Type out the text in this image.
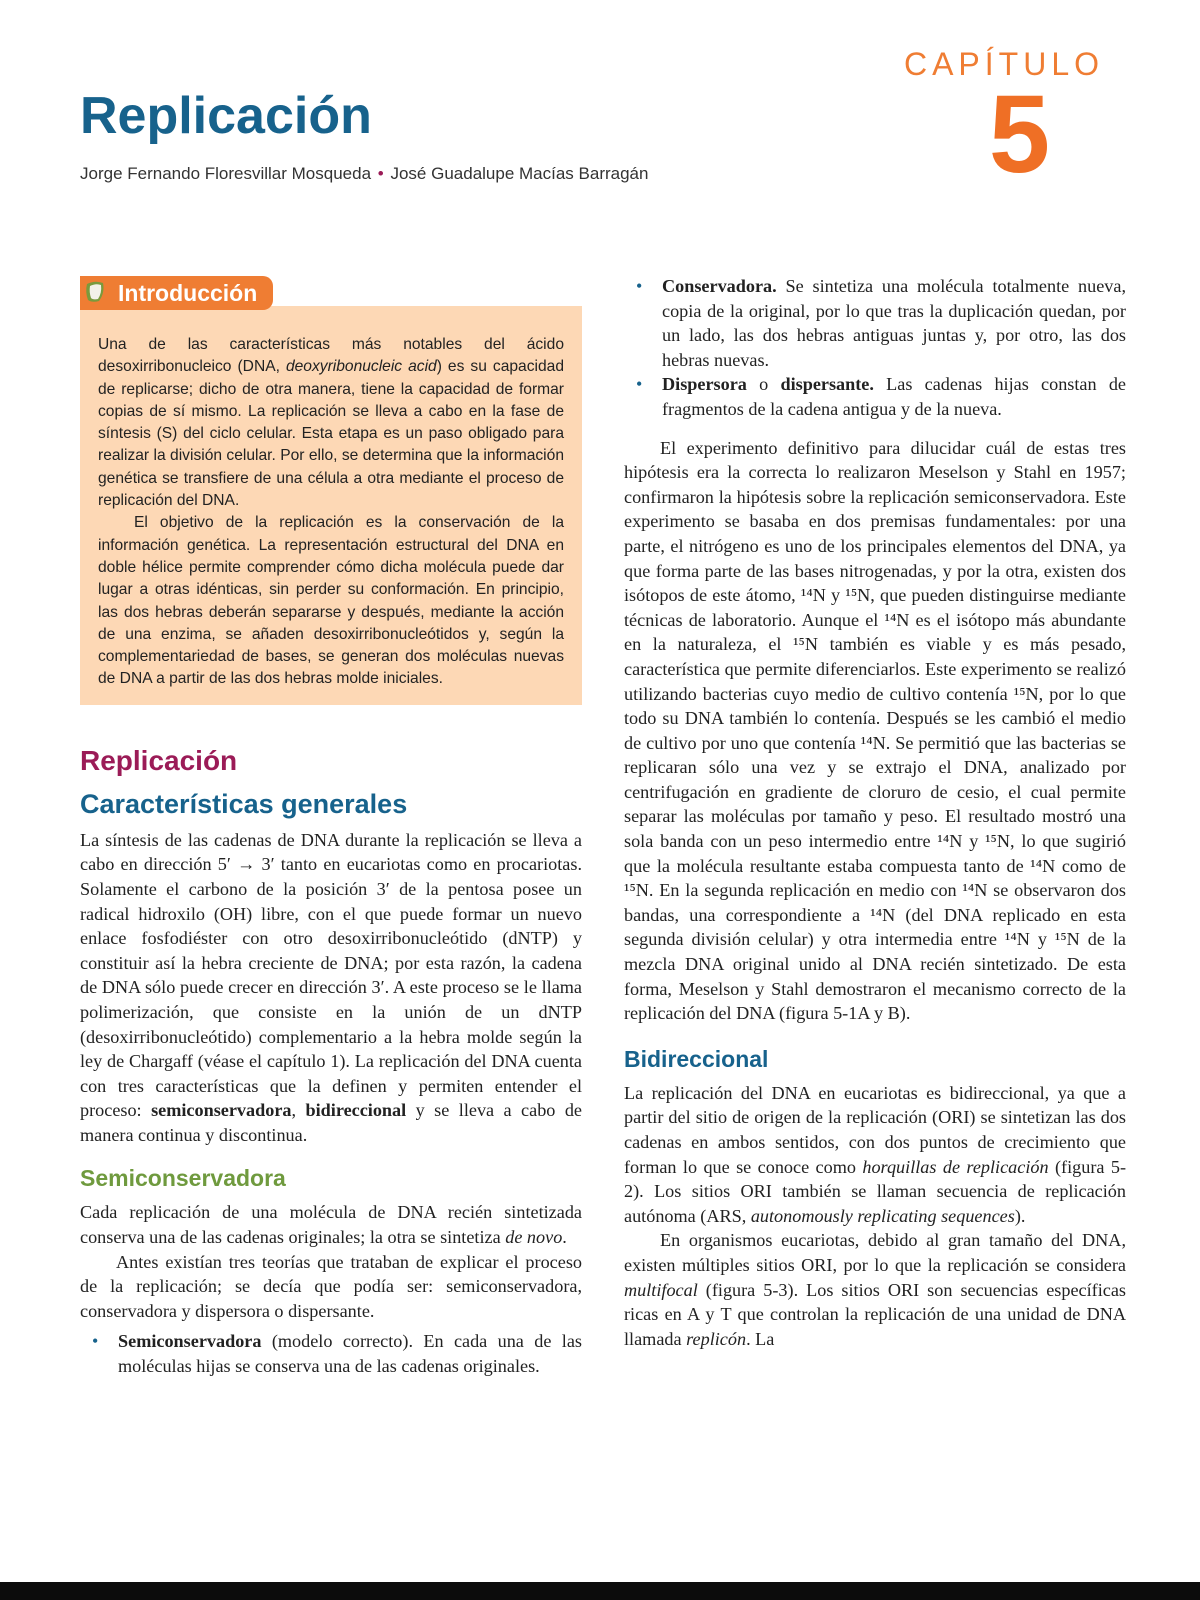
CAPÍTULO
5
Replicación
Jorge Fernando Floresvillar Mosqueda • José Guadalupe Macías Barragán
Introducción

Una de las características más notables del ácido desoxirribonucleico (DNA, deoxyribonucleic acid) es su capacidad de replicarse; dicho de otra manera, tiene la capacidad de formar copias de sí mismo. La replicación se lleva a cabo en la fase de síntesis (S) del ciclo celular. Esta etapa es un paso obligado para realizar la división celular. Por ello, se determina que la información genética se transfiere de una célula a otra mediante el proceso de replicación del DNA.

El objetivo de la replicación es la conservación de la información genética. La representación estructural del DNA en doble hélice permite comprender cómo dicha molécula puede dar lugar a otras idénticas, sin perder su conformación. En principio, las dos hebras deberán separarse y después, mediante la acción de una enzima, se añaden desoxirribonucleótidos y, según la complementariedad de bases, se generan dos moléculas nuevas de DNA a partir de las dos hebras molde iniciales.

Replicación
Características generales

La síntesis de las cadenas de DNA durante la replicación se lleva a cabo en dirección 5′ → 3′ tanto en eucariotas como en procariotas. Solamente el carbono de la posición 3′ de la pentosa posee un radical hidroxilo (OH) libre, con el que puede formar un nuevo enlace fosfodiéster con otro desoxirribonucleótido (dNTP) y constituir así la hebra creciente de DNA; por esta razón, la cadena de DNA sólo puede crecer en dirección 3′. A este proceso se le llama polimerización, que consiste en la unión de un dNTP (desoxirribonucleótido) complementario a la hebra molde según la ley de Chargaff (véase el capítulo 1). La replicación del DNA cuenta con tres características que la definen y permiten entender el proceso: semiconservadora, bidireccional y se lleva a cabo de manera continua y discontinua.

Semiconservadora

Cada replicación de una molécula de DNA recién sintetizada conserva una de las cadenas originales; la otra se sintetiza de novo.

Antes existían tres teorías que trataban de explicar el proceso de la replicación; se decía que podía ser: semiconservadora, conservadora y dispersora o dispersante.

• Semiconservadora (modelo correcto). En cada una de las moléculas hijas se conserva una de las cadenas originales.
• Conservadora. Se sintetiza una molécula totalmente nueva, copia de la original, por lo que tras la duplicación quedan, por un lado, las dos hebras antiguas juntas y, por otro, las dos hebras nuevas.
• Dispersora o dispersante. Las cadenas hijas constan de fragmentos de la cadena antigua y de la nueva.

El experimento definitivo para dilucidar cuál de estas tres hipótesis era la correcta lo realizaron Meselson y Stahl en 1957; confirmaron la hipótesis sobre la replicación semiconservadora. Este experimento se basaba en dos premisas fundamentales: por una parte, el nitrógeno es uno de los principales elementos del DNA, ya que forma parte de las bases nitrogenadas, y por la otra, existen dos isótopos de este átomo, ¹⁴N y ¹⁵N, que pueden distinguirse mediante técnicas de laboratorio. Aunque el ¹⁴N es el isótopo más abundante en la naturaleza, el ¹⁵N también es viable y es más pesado, característica que permite diferenciarlos. Este experimento se realizó utilizando bacterias cuyo medio de cultivo contenía ¹⁵N, por lo que todo su DNA también lo contenía. Después se les cambió el medio de cultivo por uno que contenía ¹⁴N. Se permitió que las bacterias se replicaran sólo una vez y se extrajo el DNA, analizado por centrifugación en gradiente de cloruro de cesio, el cual permite separar las moléculas por tamaño y peso. El resultado mostró una sola banda con un peso intermedio entre ¹⁴N y ¹⁵N, lo que sugirió que la molécula resultante estaba compuesta tanto de ¹⁴N como de ¹⁵N. En la segunda replicación en medio con ¹⁴N se observaron dos bandas, una correspondiente a ¹⁴N (del DNA replicado en esta segunda división celular) y otra intermedia entre ¹⁴N y ¹⁵N de la mezcla DNA original unido al DNA recién sintetizado. De esta forma, Meselson y Stahl demostraron el mecanismo correcto de la replicación del DNA (figura 5-1A y B).

Bidireccional

La replicación del DNA en eucariotas es bidireccional, ya que a partir del sitio de origen de la replicación (ORI) se sintetizan las dos cadenas en ambos sentidos, con dos puntos de crecimiento que forman lo que se conoce como horquillas de replicación (figura 5-2). Los sitios ORI también se llaman secuencia de replicación autónoma (ARS, autonomously replicating sequences).

En organismos eucariotas, debido al gran tamaño del DNA, existen múltiples sitios ORI, por lo que la replicación se considera multifocal (figura 5-3). Los sitios ORI son secuencias específicas ricas en A y T que controlan la replicación de una unidad de DNA llamada replicón. La
